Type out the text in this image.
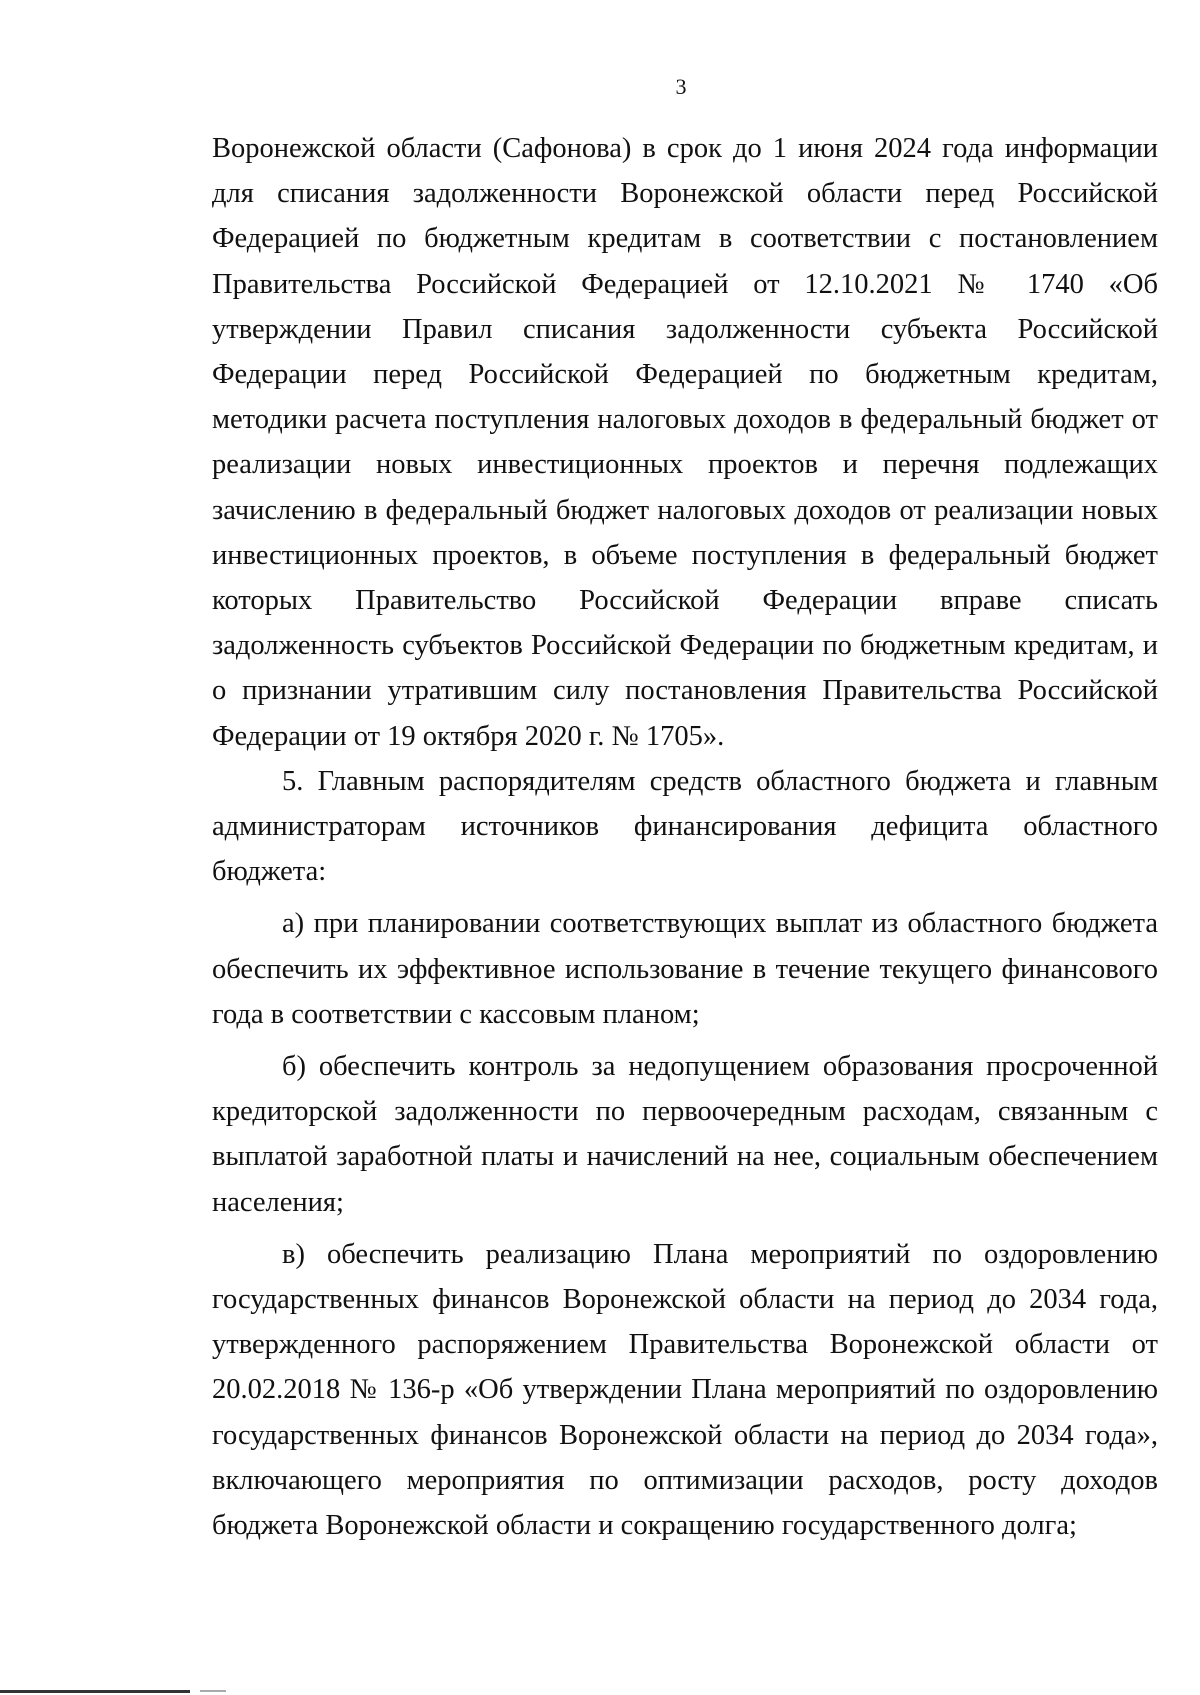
3
Воронежской области (Сафонова) в срок до 1 июня 2024 года информации
для списания задолженности Воронежской области перед Российской
Федерацией по бюджетным кредитам в соответствии с постановлением
Правительства Российской Федерацией от 12.10.2021 № 1740 «Об
утверждении Правил списания задолженности субъекта Российской
Федерации перед Российской Федерацией по бюджетным кредитам,
методики расчета поступления налоговых доходов в федеральный бюджет от
реализации новых инвестиционных проектов и перечня подлежащих
зачислению в федеральный бюджет налоговых доходов от реализации новых
инвестиционных проектов, в объеме поступления в федеральный бюджет
которых Правительство Российской Федерации вправе списать
задолженность субъектов Российской Федерации по бюджетным кредитам, и
о признании утратившим силу постановления Правительства Российской
Федерации от 19 октября 2020 г. № 1705».
5. Главным распорядителям средств областного бюджета и главным
администраторам источников финансирования дефицита областного
бюджета:
а) при планировании соответствующих выплат из областного бюджета
обеспечить их эффективное использование в течение текущего финансового
года в соответствии с кассовым планом;
б) обеспечить контроль за недопущением образования просроченной
кредиторской задолженности по первоочередным расходам, связанным с
выплатой заработной платы и начислений на нее, социальным обеспечением
населения;
в) обеспечить реализацию Плана мероприятий по оздоровлению
государственных финансов Воронежской области на период до 2034 года,
утвержденного распоряжением Правительства Воронежской области от
20.02.2018 № 136-р «Об утверждении Плана мероприятий по оздоровлению
государственных финансов Воронежской области на период до 2034 года»,
включающего мероприятия по оптимизации расходов, росту доходов
бюджета Воронежской области и сокращению государственного долга;
